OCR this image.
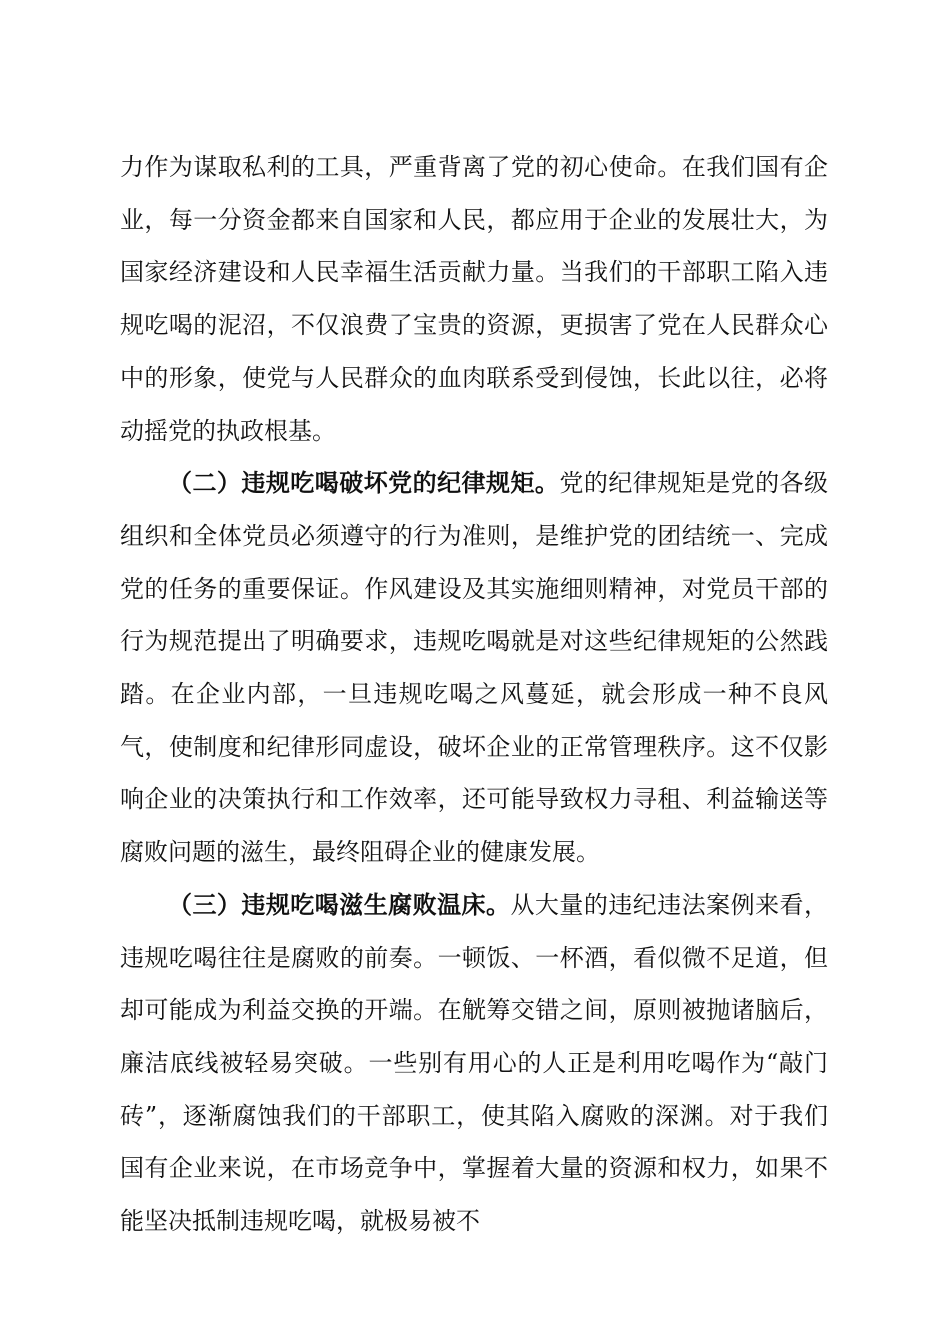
力作为谋取私利的工具，严重背离了党的初心使命。在我们国有企业，每一分资金都来自国家和人民，都应用于企业的发展壮大，为国家经济建设和人民幸福生活贡献力量。当我们的干部职工陷入违规吃喝的泥沼，不仅浪费了宝贵的资源，更损害了党在人民群众心中的形象，使党与人民群众的血肉联系受到侵蚀，长此以往，必将动摇党的执政根基。

（二）违规吃喝破坏党的纪律规矩。党的纪律规矩是党的各级组织和全体党员必须遵守的行为准则，是维护党的团结统一、完成党的任务的重要保证。作风建设及其实施细则精神，对党员干部的行为规范提出了明确要求，违规吃喝就是对这些纪律规矩的公然践踏。在企业内部，一旦违规吃喝之风蔓延，就会形成一种不良风气，使制度和纪律形同虚设，破坏企业的正常管理秩序。这不仅影响企业的决策执行和工作效率，还可能导致权力寻租、利益输送等腐败问题的滋生，最终阻碍企业的健康发展。

（三）违规吃喝滋生腐败温床。从大量的违纪违法案例来看，违规吃喝往往是腐败的前奏。一顿饭、一杯酒，看似微不足道，但却可能成为利益交换的开端。在觥筹交错之间，原则被抛诸脑后，廉洁底线被轻易突破。一些别有用心的人正是利用吃喝作为“敲门砖”，逐渐腐蚀我们的干部职工，使其陷入腐败的深渊。对于我们国有企业来说，在市场竞争中，掌握着大量的资源和权力，如果不能坚决抵制违规吃喝，就极易被不
